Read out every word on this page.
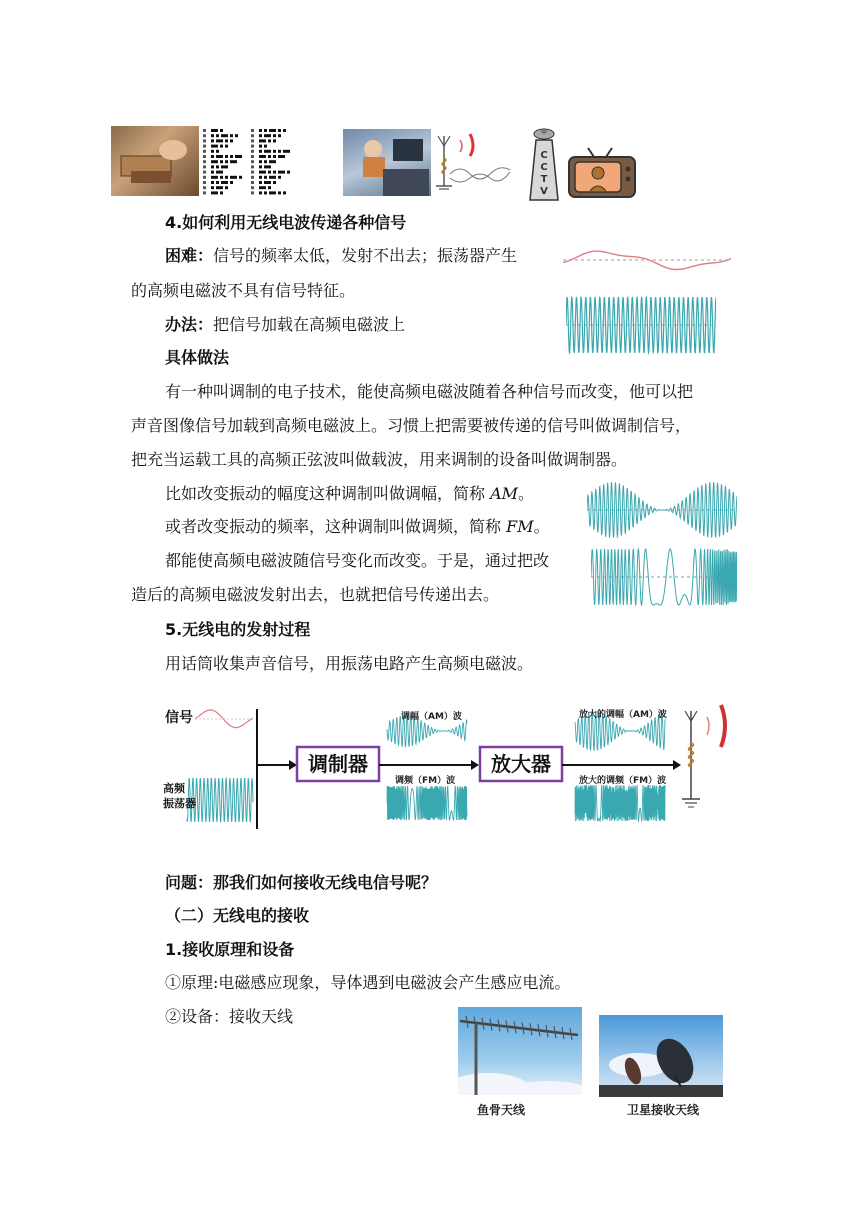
C
C
T
V
4.如何利用无线电波传递各种信号
困难：信号的频率太低，发射不出去；振荡器产生
的高频电磁波不具有信号特征。
办法：把信号加载在高频电磁波上
具体做法
有一种叫调制的电子技术，能使高频电磁波随着各种信号而改变，他可以把
声音图像信号加载到高频电磁波上。习惯上把需要被传递的信号叫做调制信号，
把充当运载工具的高频正弦波叫做载波，用来调制的设备叫做调制器。
比如改变振动的幅度这种调制叫做调幅，简称 AM。
或者改变振动的频率，这种调制叫做调频，简称 FM。
都能使高频电磁波随信号变化而改变。于是，通过把改
造后的高频电磁波发射出去，也就把信号传递出去。
5.无线电的发射过程
用话筒收集声音信号，用振荡电路产生高频电磁波。
信号
高频
振荡器
调制器	放大器
调幅（AM）波
调频（FM）波
放大的调幅（AM）波
放大的调频（FM）波
问题：那我们如何接收无线电信号呢？
（二）无线电的接收
1.接收原理和设备
①原理:电磁感应现象，导体遇到电磁波会产生感应电流。
②设备：接收天线
鱼骨天线	卫星接收天线
